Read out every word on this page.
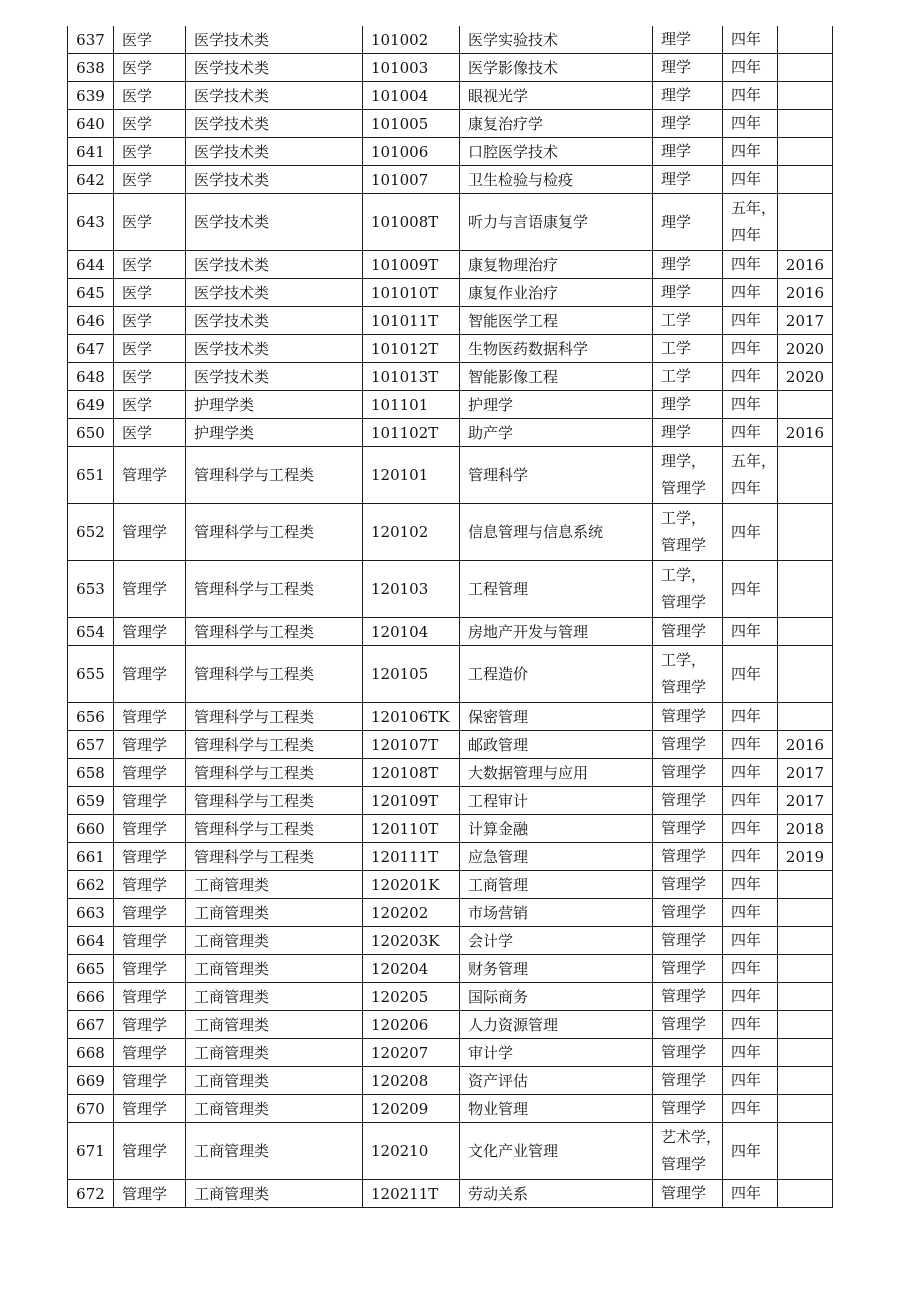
637	医学	医学技术类	101002	医学实验技术	理学	四年	

638	医学	医学技术类	101003	医学影像技术	理学	四年	

639	医学	医学技术类	101004	眼视光学	理学	四年	

640	医学	医学技术类	101005	康复治疗学	理学	四年	

641	医学	医学技术类	101006	口腔医学技术	理学	四年	

642	医学	医学技术类	101007	卫生检验与检疫	理学	四年	

643	医学	医学技术类	101008T	听力与言语康复学	理学	五年，
四年	

644	医学	医学技术类	101009T	康复物理治疗	理学	四年	2016
645	医学	医学技术类	101010T	康复作业治疗	理学	四年	2016
646	医学	医学技术类	101011T	智能医学工程	工学	四年	2017
647	医学	医学技术类	101012T	生物医药数据科学	工学	四年	2020
648	医学	医学技术类	101013T	智能影像工程	工学	四年	2020
649	医学	护理学类	101101	护理学	理学	四年	

650	医学	护理学类	101102T	助产学	理学	四年	2016
651	管理学	管理科学与工程类	120101	管理科学	理学，
管理学	五年，
四年	

652	管理学	管理科学与工程类	120102	信息管理与信息系统	工学，
管理学	四年	

653	管理学	管理科学与工程类	120103	工程管理	工学，
管理学	四年	

654	管理学	管理科学与工程类	120104	房地产开发与管理	管理学	四年	

655	管理学	管理科学与工程类	120105	工程造价	工学，
管理学	四年	

656	管理学	管理科学与工程类	120106TK	保密管理	管理学	四年	

657	管理学	管理科学与工程类	120107T	邮政管理	管理学	四年	2016
658	管理学	管理科学与工程类	120108T	大数据管理与应用	管理学	四年	2017
659	管理学	管理科学与工程类	120109T	工程审计	管理学	四年	2017
660	管理学	管理科学与工程类	120110T	计算金融	管理学	四年	2018
661	管理学	管理科学与工程类	120111T	应急管理	管理学	四年	2019
662	管理学	工商管理类	120201K	工商管理	管理学	四年	

663	管理学	工商管理类	120202	市场营销	管理学	四年	

664	管理学	工商管理类	120203K	会计学	管理学	四年	

665	管理学	工商管理类	120204	财务管理	管理学	四年	

666	管理学	工商管理类	120205	国际商务	管理学	四年	

667	管理学	工商管理类	120206	人力资源管理	管理学	四年	

668	管理学	工商管理类	120207	审计学	管理学	四年	

669	管理学	工商管理类	120208	资产评估	管理学	四年	

670	管理学	工商管理类	120209	物业管理	管理学	四年	

671	管理学	工商管理类	120210	文化产业管理	艺术学，
管理学	四年	

672	管理学	工商管理类	120211T	劳动关系	管理学	四年	
